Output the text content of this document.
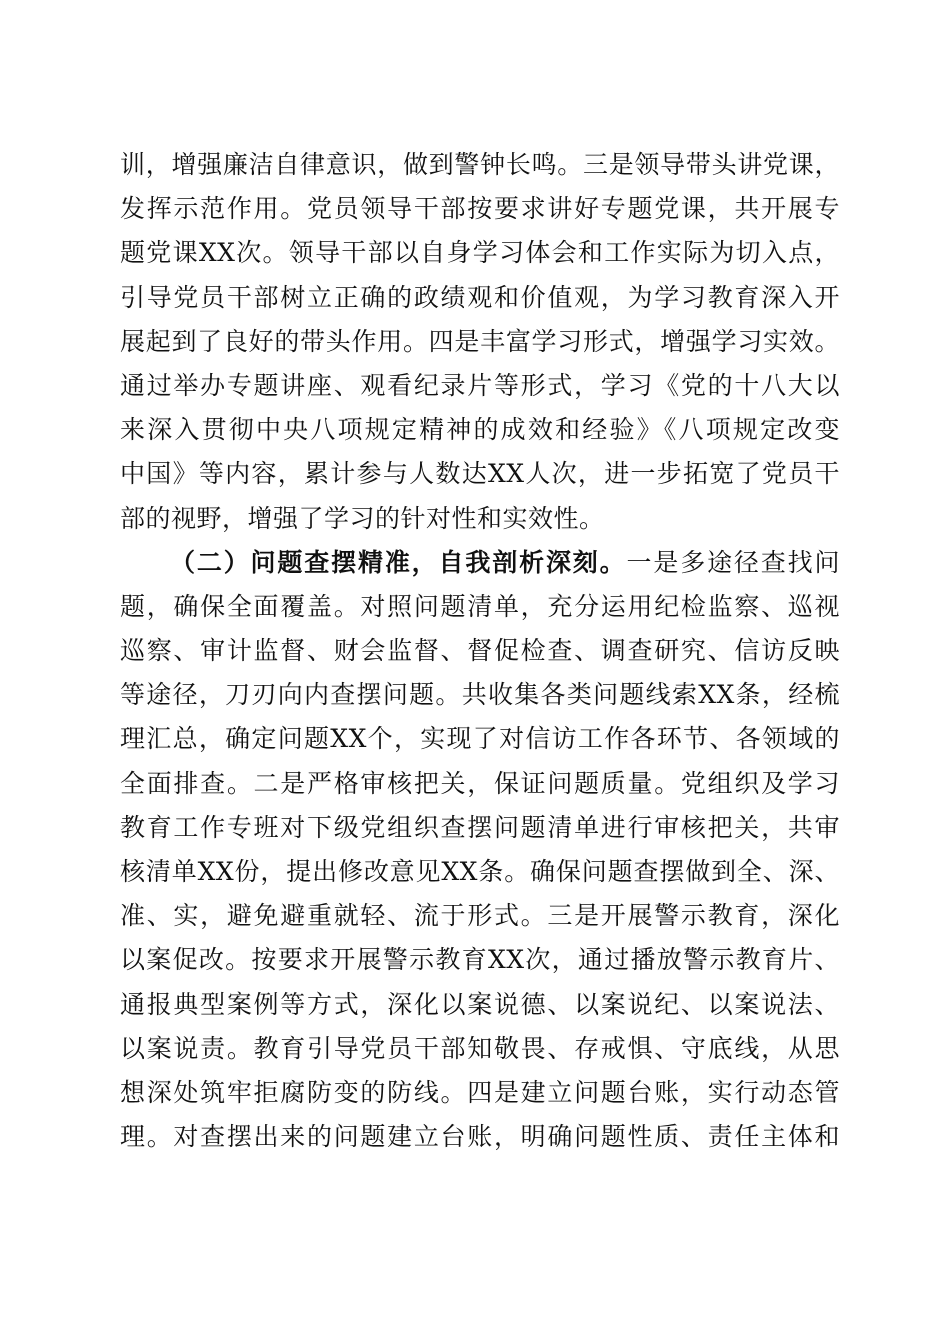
训，增强廉洁自律意识，做到警钟长鸣。三是领导带头讲党课，
发挥示范作用。党员领导干部按要求讲好专题党课，共开展专
题党课XX次。领导干部以自身学习体会和工作实际为切入点，
引导党员干部树立正确的政绩观和价值观，为学习教育深入开
展起到了良好的带头作用。四是丰富学习形式，增强学习实效。
通过举办专题讲座、观看纪录片等形式，学习《党的十八大以
来深入贯彻中央八项规定精神的成效和经验》《八项规定改变
中国》等内容，累计参与人数达XX人次，进一步拓宽了党员干
部的视野，增强了学习的针对性和实效性。
（二）问题查摆精准，自我剖析深刻。一是多途径查找问
题，确保全面覆盖。对照问题清单，充分运用纪检监察、巡视
巡察、审计监督、财会监督、督促检查、调查研究、信访反映
等途径，刀刃向内查摆问题。共收集各类问题线索XX条，经梳
理汇总，确定问题XX个，实现了对信访工作各环节、各领域的
全面排查。二是严格审核把关，保证问题质量。党组织及学习
教育工作专班对下级党组织查摆问题清单进行审核把关，共审
核清单XX份，提出修改意见XX条。确保问题查摆做到全、深、
准、实，避免避重就轻、流于形式。三是开展警示教育，深化
以案促改。按要求开展警示教育XX次，通过播放警示教育片、
通报典型案例等方式，深化以案说德、以案说纪、以案说法、
以案说责。教育引导党员干部知敬畏、存戒惧、守底线，从思
想深处筑牢拒腐防变的防线。四是建立问题台账，实行动态管
理。对查摆出来的问题建立台账，明确问题性质、责任主体和
